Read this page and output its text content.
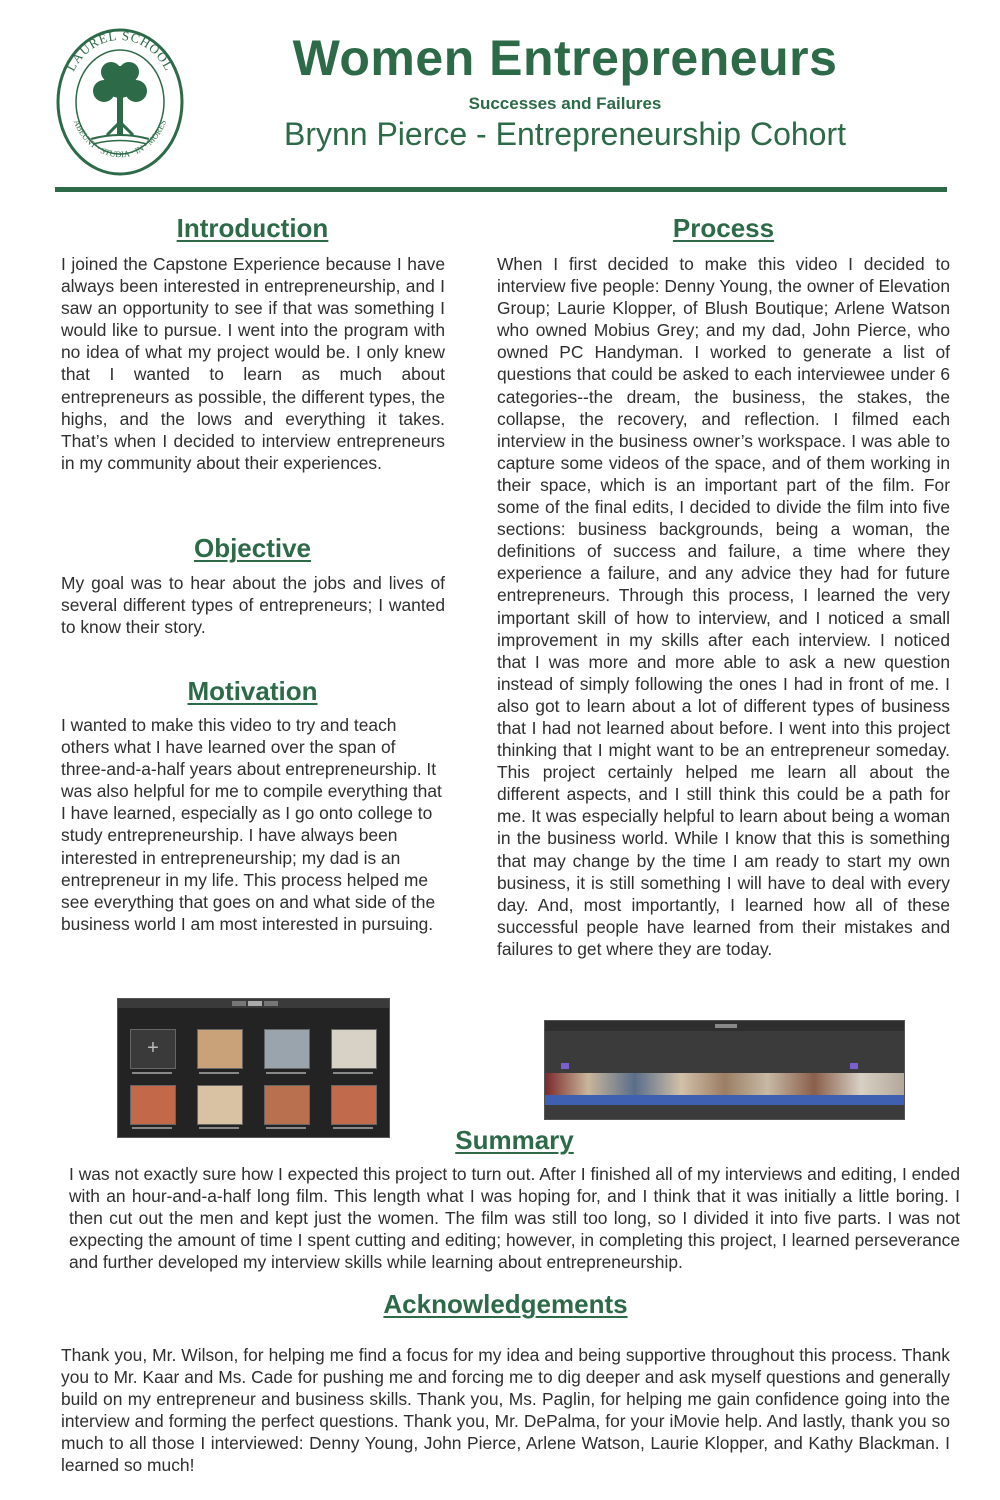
LAUREL SCHOOL
ABEUNT · STUDIA · IN · MORES
Women Entrepreneurs
Successes and Failures
Brynn Pierce - Entrepreneurship Cohort
Introduction
I joined the Capstone Experience because I have always been interested in entrepreneurship, and I saw an opportunity to see if that was something I would like to pursue. I went into the program with no idea of what my project would be. I only knew that I wanted to learn as much about entrepreneurs as possible, the different types, the highs, and the lows and everything it takes. That’s when I decided to interview entrepreneurs in my community about their experiences.
Objective
My goal was to hear about the jobs and lives of several different types of entrepreneurs; I wanted to know their story.
Motivation
I wanted to make this video to try and teach others what I have learned over the span of three-and-a-half years about entrepreneurship. It was also helpful for me to compile everything that I have learned, especially as I go onto college to study entrepreneurship. I have always been interested in entrepreneurship; my dad is an entrepreneur in my life. This process helped me see everything that goes on and what side of the business world I am most interested in pursuing.
Process
When I first decided to make this video I decided to interview five people: Denny Young, the owner of Elevation Group; Laurie Klopper, of Blush Boutique; Arlene Watson who owned Mobius Grey; and my dad, John Pierce, who owned PC Handyman. I worked to generate a list of questions that could be asked to each interviewee under 6 categories--the dream, the business, the stakes, the collapse, the recovery, and reflection. I filmed each interview in the business owner’s workspace. I was able to capture some videos of the space, and of them working in their space, which is an important part of the film. For some of the final edits, I decided to divide the film into five sections: business backgrounds, being a woman, the definitions of success and failure, a time where they experience a failure, and any advice they had for future entrepreneurs. Through this process, I learned the very important skill of how to interview, and I noticed a small improvement in my skills after each interview. I noticed that I was more and more able to ask a new question instead of simply following the ones I had in front of me. I also got to learn about a lot of different types of business that I had not learned about before. I went into this project thinking that I might want to be an entrepreneur someday. This project certainly helped me learn all about the different aspects, and I still think this could be a path for me. It was especially helpful to learn about being a woman in the business world. While I know that this is something that may change by the time I am ready to start my own business, it is still something I will have to deal with every day. And, most importantly, I learned how all of these successful people have learned from their mistakes and failures to get where they are today.
+
Summary
I was not exactly sure how I expected this project to turn out. After I finished all of my interviews and editing, I ended with an hour-and-a-half long film. This length what I was hoping for, and I think that it was initially a little boring. I then cut out the men and kept just the women. The film was still too long, so I divided it into five parts. I was not expecting the amount of time I spent cutting and editing; however, in completing this project, I learned perseverance and further developed my interview skills while learning about entrepreneurship.
Acknowledgements
Thank you, Mr. Wilson, for helping me find a focus for my idea and being supportive throughout this process. Thank you to Mr. Kaar and Ms. Cade for pushing me and forcing me to dig deeper and ask myself questions and generally build on my entrepreneur and business skills. Thank you, Ms. Paglin, for helping me gain confidence going into the interview and forming the perfect questions. Thank you, Mr. DePalma, for your iMovie help. And lastly, thank you so much to all those I interviewed: Denny Young, John Pierce, Arlene Watson, Laurie Klopper, and Kathy Blackman. I learned so much!
